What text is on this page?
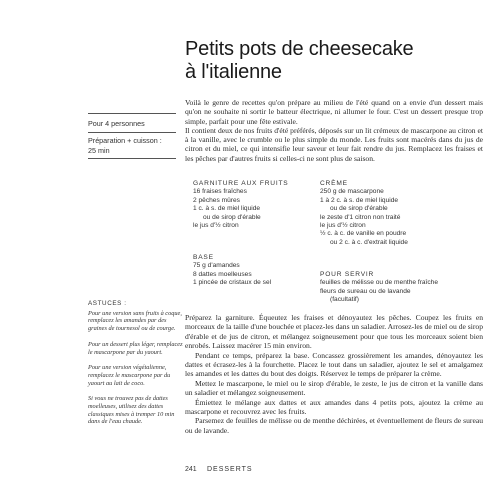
Petits pots de cheesecake
à l'italienne
Pour 4 personnes
Préparation + cuisson :
25 min

Voilà le genre de recettes qu'on prépare au milieu de l'été quand on a envie d'un dessert mais qu'on ne souhaite ni sortir le batteur électrique, ni allumer le four. C'est un dessert presque trop simple, parfait pour une fête estivale.

Il contient deux de nos fruits d'été préférés, déposés sur un lit crémeux de mascarpone au citron et à la vanille, avec le crumble ou le plus simple du monde. Les fruits sont macérés dans du jus de citron et du miel, ce qui intensifie leur saveur et leur fait rendre du jus. Remplacez les fraises et les pêches par d'autres fruits si celles-ci ne sont plus de saison.

GARNITURE AUX FRUITS
16 fraises fraîches
2 pêches mûres
1 c. à s. de miel liquide
ou de sirop d'érable
le jus d'½ citron
BASE
75 g d'amandes
8 dattes moelleuses
1 pincée de cristaux de sel
CRÈME
250 g de mascarpone
1 à 2 c. à s. de miel liquide
ou de sirop d'érable
le zeste d'1 citron non traité
le jus d'½ citron
½ c. à c. de vanille en poudre
ou 2 c. à c. d'extrait liquide
POUR SERVIR
feuilles de mélisse ou de menthe fraîche
fleurs de sureau ou de lavande
(facultatif)

ASTUCES :

Pour une version sans fruits à coque, remplacez les amandes par des graines de tournesol ou de courge.

Pour un dessert plus léger, remplacez le mascarpone par du yaourt.

Pour une version végétalienne, remplacez le mascarpone par du yaourt au lait de coco.

Si vous ne trouvez pas de dattes moelleuses, utilisez des dattes classiques mises à tremper 10 min dans de l'eau chaude.

Préparez la garniture. Équeutez les fraises et dénoyautez les pêches. Coupez les fruits en morceaux de la taille d'une bouchée et placez-les dans un saladier. Arrosez-les de miel ou de sirop d'érable et de jus de citron, et mélangez soigneusement pour que tous les morceaux soient bien enrobés. Laissez macérer 15 min environ.

Pendant ce temps, préparez la base. Concassez grossièrement les amandes, dénoyautez les dattes et écrasez-les à la fourchette. Placez le tout dans un saladier, ajoutez le sel et amalgamez les amandes et les dattes du bout des doigts. Réservez le temps de préparer la crème.

Mettez le mascarpone, le miel ou le sirop d'érable, le zeste, le jus de citron et la vanille dans un saladier et mélangez soigneusement.

Émiettez le mélange aux dattes et aux amandes dans 4 petits pots, ajoutez la crème au mascarpone et recouvrez avec les fruits.

Parsemez de feuilles de mélisse ou de menthe déchirées, et éventuellement de fleurs de sureau ou de lavande.

241 DESSERTS
